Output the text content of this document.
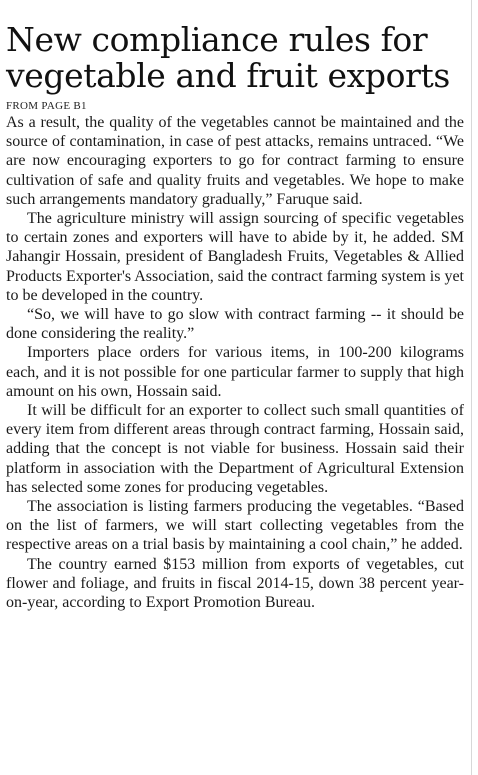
New compliance rules for vegetable and fruit exports
FROM PAGE B1

As a result, the quality of the vegetables cannot be maintained and the source of contamination, in case of pest attacks, remains untraced. “We are now encouraging exporters to go for contract farming to ensure cultivation of safe and quality fruits and vegetables. We hope to make such arrangements mandatory gradually,” Faruque said.

The agriculture ministry will assign sourcing of specific vegetables to certain zones and exporters will have to abide by it, he added. SM Jahangir Hossain, president of Bangladesh Fruits, Vegetables & Allied Products Exporter's Association, said the contract farming system is yet to be developed in the country.

“So, we will have to go slow with contract farming -- it should be done considering the reality.”

Importers place orders for various items, in 100-200 kilograms each, and it is not possible for one particular farmer to supply that high amount on his own, Hossain said.

It will be difficult for an exporter to collect such small quantities of every item from different areas through contract farming, Hossain said, adding that the concept is not viable for business. Hossain said their platform in association with the Department of Agricultural Extension has selected some zones for producing vegetables.

The association is listing farmers producing the vegetables. “Based on the list of farmers, we will start collecting vegetables from the respective areas on a trial basis by maintaining a cool chain,” he added.

The country earned $153 million from exports of vegetables, cut flower and foliage, and fruits in fiscal 2014-15, down 38 percent year-on-year, according to Export Promotion Bureau.
